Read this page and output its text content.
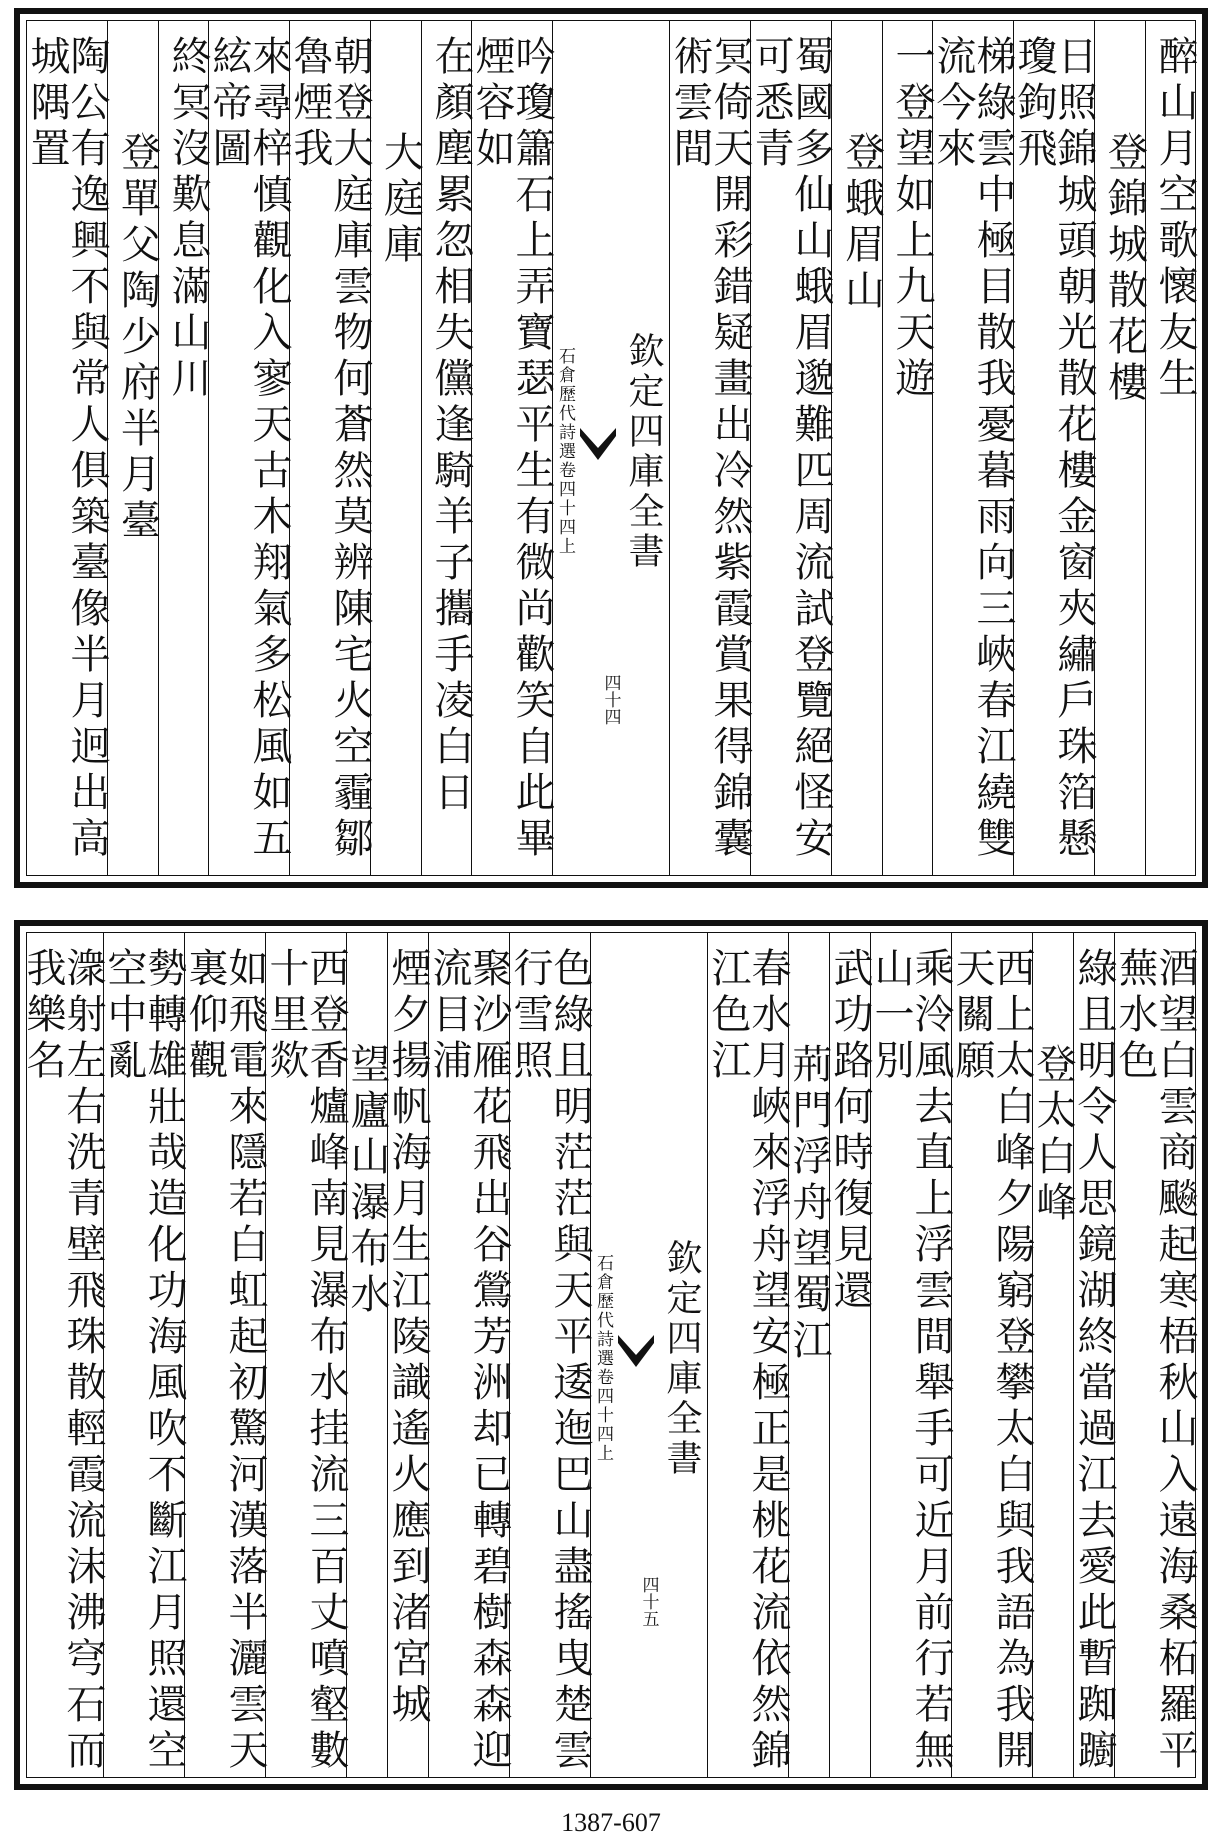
醉山月空歌懷友生
登錦城散花樓
日照錦城頭朝光散花樓金窗夾繡戶珠箔懸瓊鉤飛
梯綠雲中極目散我憂暮雨向三峽春江繞雙流今來
一登望如上九天遊
登蛾眉山
蜀國多仙山蛾眉邈難匹周流試登覽絕怪安可悉青
冥倚天開彩錯疑畫出冷然紫霞賞果得錦囊術雲間
欽定四庫全書
石倉歷代詩選卷四十四上
四十四
吟瓊簫石上弄寶瑟平生有微尚歡笑自此畢煙容如
在顏塵累忽相失儻逢騎羊子攜手凌白日
大庭庫
朝登大庭庫雲物何蒼然莫辨陳宅火空霾鄒魯煙我
來尋梓慎觀化入寥天古木翔氣多松風如五絃帝圖
終冥沒歎息滿山川
登單父陶少府半月臺
陶公有逸興不與常人俱築臺像半月迥出高城隅置
酒望白雲商飈起寒梧秋山入遠海桑柘羅平蕪水色
綠且明令人思鏡湖終當過江去愛此暫踟躕
登太白峰
西上太白峰夕陽窮登攀太白與我語為我開天關願
乘泠風去直上浮雲間舉手可近月前行若無山一別
武功路何時復見還
荊門浮舟望蜀江
春水月峽來浮舟望安極正是桃花流依然錦江色江
欽定四庫全書
石倉歷代詩選卷四十四上
四十五
色綠且明茫茫與天平逶迤巴山盡搖曳楚雲行雪照
聚沙雁花飛出谷鶯芳洲却已轉碧樹森森迎流目浦
煙夕揚帆海月生江陵識遙火應到渚宮城
望廬山瀑布水
西登香爐峰南見瀑布水挂流三百丈噴壑數十里欻
如飛電來隱若白虹起初驚河漢落半灑雲天裏仰觀
勢轉雄壯哉造化功海風吹不斷江月照還空空中亂
潨射左右洗青壁飛珠散輕霞流沫沸穹石而我樂名
1387-607
